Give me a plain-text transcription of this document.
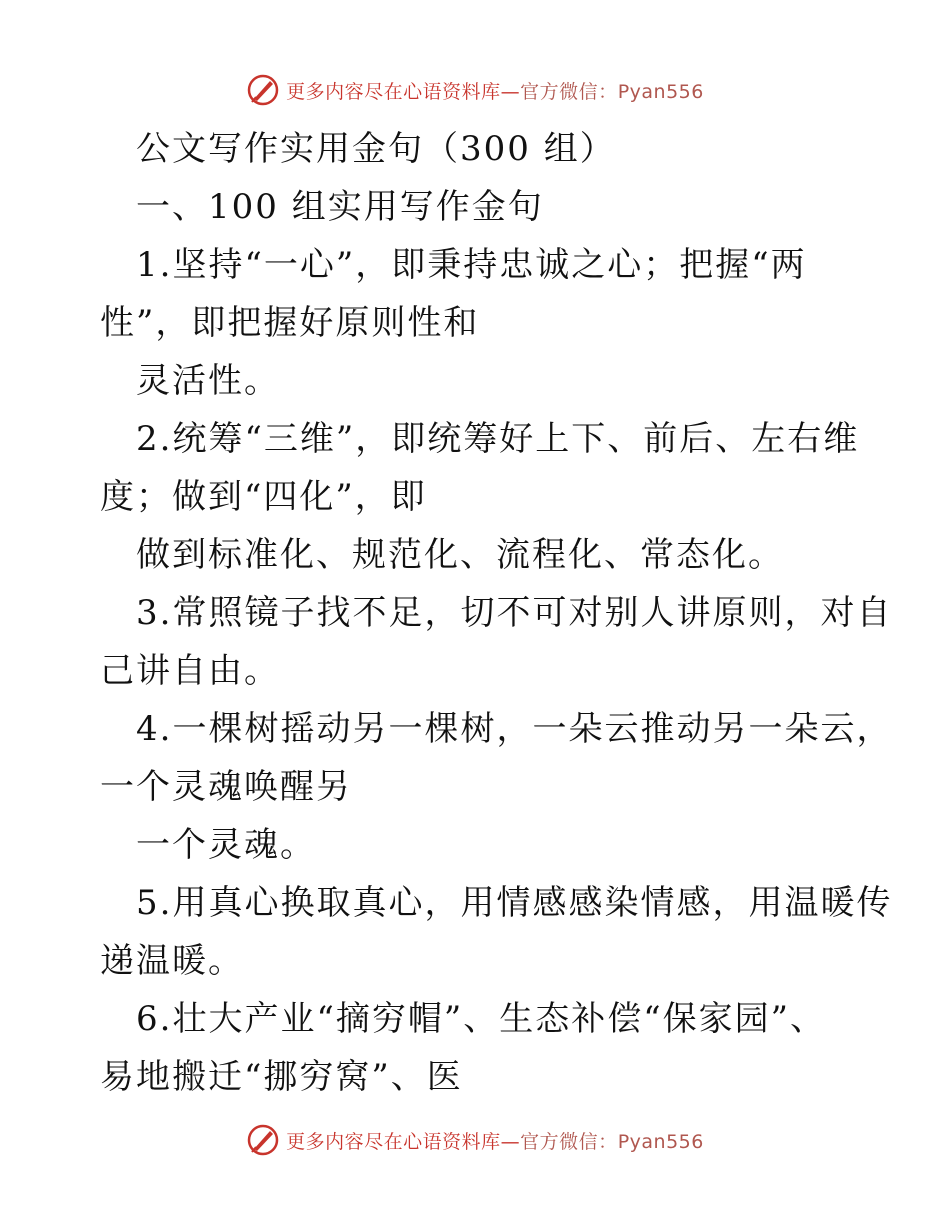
更多内容尽在心语资料库—官方微信：Pyan556
公文写作实用金句（300 组）
一、100 组实用写作金句
1.坚持“一心”，即秉持忠诚之心；把握“两
性”，即把握好原则性和
灵活性。
2.统筹“三维”，即统筹好上下、前后、左右维
度；做到“四化”，即
做到标准化、规范化、流程化、常态化。
3.常照镜子找不足，切不可对别人讲原则，对自
己讲自由。
4.一棵树摇动另一棵树，一朵云推动另一朵云，
一个灵魂唤醒另
一个灵魂。
5.用真心换取真心，用情感感染情感，用温暖传
递温暖。
6.壮大产业“摘穷帽”、生态补偿“保家园”、
易地搬迁“挪穷窝”、医
更多内容尽在心语资料库—官方微信：Pyan556
